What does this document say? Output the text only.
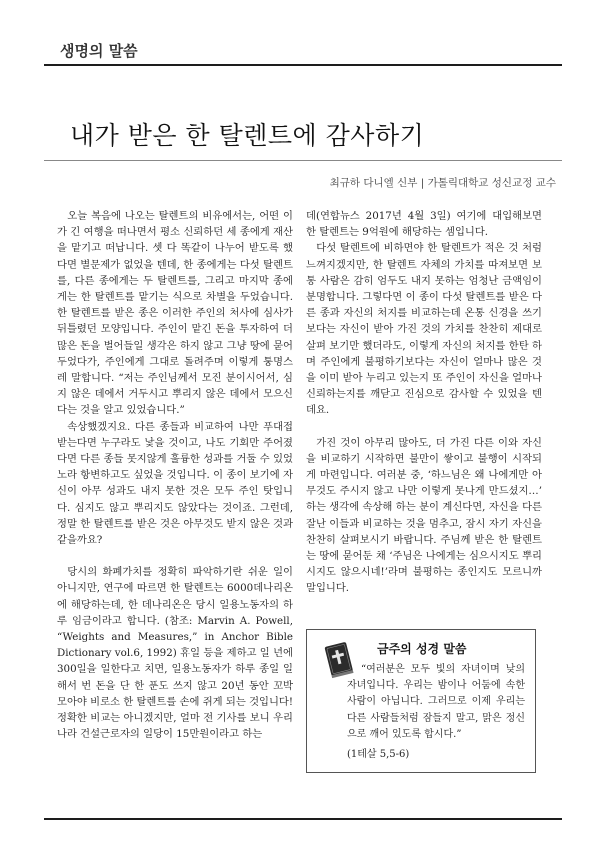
생명의 말씀
내가 받은 한 탈렌트에 감사하기
최규하 다니엘 신부 | 가톨릭대학교 성신교정 교수

오늘 복음에 나오는 탈렌트의 비유에서는, 어떤 이가 긴 여행을 떠나면서 평소 신뢰하던 세 종에게 재산을 맡기고 떠납니다. 셋 다 똑같이 나누어 받도록 했다면 별문제가 없었을 텐데, 한 종에게는 다섯 탈렌트를, 다른 종에게는 두 탈렌트를, 그리고 마지막 종에게는 한 탈렌트를 맡기는 식으로 차별을 두었습니다. 한 탈렌트를 받은 종은 이러한 주인의 처사에 심사가 뒤틀렸던 모양입니다. 주인이 맡긴 돈을 투자하여 더 많은 돈을 벌어들일 생각은 하지 않고 그냥 땅에 묻어 두었다가, 주인에게 그대로 돌려주며 이렇게 퉁명스레 말합니다. “저는 주인님께서 모진 분이시어서, 심지 않은 데에서 거두시고 뿌리지 않은 데에서 모으신다는 것을 알고 있었습니다.”

속상했겠지요. 다른 종들과 비교하여 나만 푸대접받는다면 누구라도 낯을 것이고, 나도 기회만 주어졌다면 다른 종들 못지않게 훌륭한 성과를 거둘 수 있었노라 항변하고도 싶었을 것입니다. 이 종이 보기에 자신이 아무 성과도 내지 못한 것은 모두 주인 탓입니다. 심지도 않고 뿌리지도 않았다는 것이죠. 그런데, 정말 한 탈렌트를 받은 것은 아무것도 받지 않은 것과 같을까요?

당시의 화폐가치를 정확히 파악하기란 쉬운 일이 아니지만, 연구에 따르면 한 탈렌트는 6000데나리온에 해당하는데, 한 데나리온은 당시 일용노동자의 하루 임금이라고 합니다. (참조: Marvin A. Powell, “Weights and Measures,” in Anchor Bible Dictionary vol.6, 1992) 휴일 등을 제하고 일 년에 300일을 일한다고 치면, 일용노동자가 하루 종일 일해서 번 돈을 단 한 푼도 쓰지 않고 20년 동안 꼬박 모아야 비로소 한 탈렌트를 손에 쥐게 되는 것입니다! 정확한 비교는 아니겠지만, 얼마 전 기사를 보니 우리나라 건설근로자의 일당이 15만원이라고 하는

데(연합뉴스 2017년 4월 3일) 여기에 대입해보면 한 탈렌트는 9억원에 해당하는 셈입니다.

다섯 탈렌트에 비하면야 한 탈렌트가 적은 것 처럼 느껴지겠지만, 한 탈렌트 자체의 가치를 따져보면 보통 사람은 감히 엄두도 내지 못하는 엄청난 금액임이 분명합니다. 그렇다면 이 종이 다섯 탈렌트를 받은 다른 종과 자신의 처지를 비교하는데 온통 신경을 쓰기보다는 자신이 받아 가진 것의 가치를 찬찬히 제대로 살펴 보기만 했더라도, 이렇게 자신의 처지를 한탄 하며 주인에게 불평하기보다는 자신이 얼마나 많은 것을 이미 받아 누리고 있는지 또 주인이 자신을 얼마나 신뢰하는지를 깨닫고 진심으로 감사할 수 있었을 텐데요.

가진 것이 아무리 많아도, 더 가진 다른 이와 자신을 비교하기 시작하면 불만이 쌓이고 불행이 시작되게 마련입니다. 여러분 중, ‘하느님은 왜 나에게만 아무것도 주시지 않고 나만 이렇게 못나게 만드셨지…’ 하는 생각에 속상해 하는 분이 계신다면, 자신을 다른 잘난 이들과 비교하는 것을 멈추고, 잠시 자기 자신을 찬찬히 살펴보시기 바랍니다. 주님께 받은 한 탈렌트는 땅에 묻어둔 채 ‘주님은 나에게는 심으시지도 뿌리시지도 않으시네!’라며 불평하는 종인지도 모르니까 말입니다.

금주의 성경 말씀

“여러분은 모두 빛의 자녀이며 낮의 자녀입니다. 우리는 밤이나 어둠에 속한 사람이 아닙니다. 그러므로 이제 우리는 다른 사람들처럼 잠들지 말고, 맑은 정신으로 깨어 있도록 합시다.”

(1테살 5,5-6)
